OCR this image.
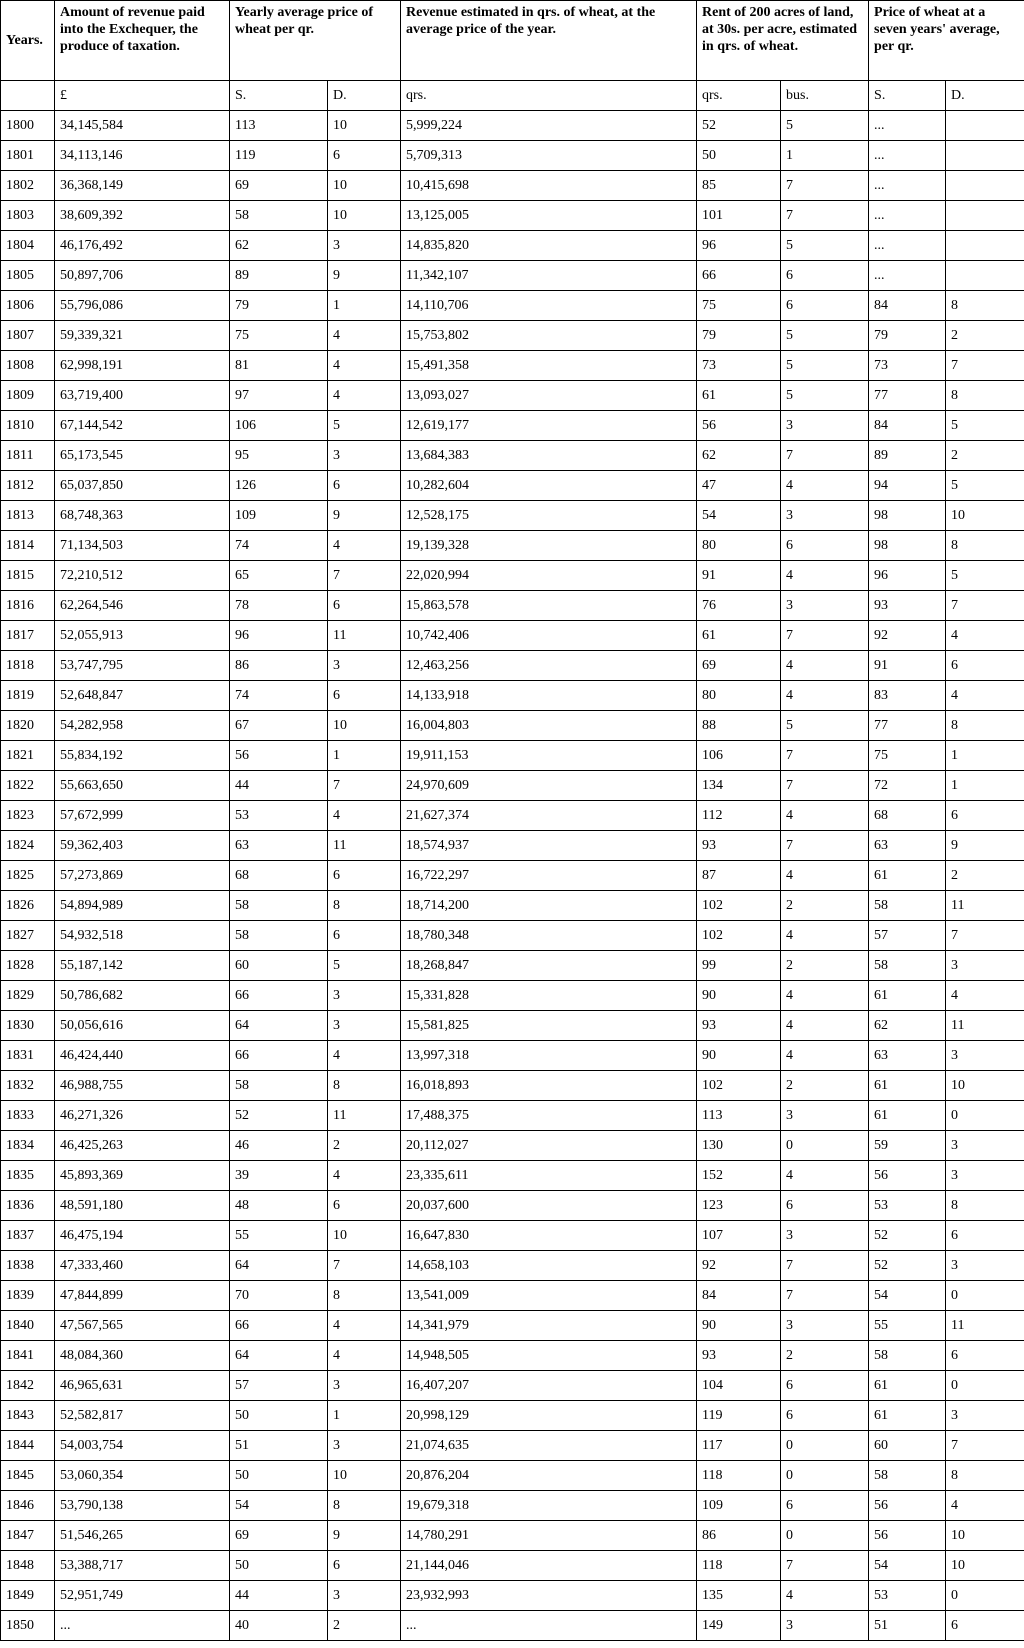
Years.	Amount of revenue paid into the Exchequer, the produce of taxation.	Yearly average price of wheat per qr.		Revenue estimated in qrs. of wheat, at the average price of the year.	Rent of 200 acres of land, at 30s. per acre, estimated in qrs. of wheat.		Price of wheat at a seven years' average, per qr.	
	£	S.	D.	qrs.	qrs.	bus.	S.	D.
1800	34,145,584	113	10	5,999,224	52	5	...	
1801	34,113,146	119	6	5,709,313	50	1	...	
1802	36,368,149	69	10	10,415,698	85	7	...	
1803	38,609,392	58	10	13,125,005	101	7	...	
1804	46,176,492	62	3	14,835,820	96	5	...	
1805	50,897,706	89	9	11,342,107	66	6	...	
1806	55,796,086	79	1	14,110,706	75	6	84	8
1807	59,339,321	75	4	15,753,802	79	5	79	2
1808	62,998,191	81	4	15,491,358	73	5	73	7
1809	63,719,400	97	4	13,093,027	61	5	77	8
1810	67,144,542	106	5	12,619,177	56	3	84	5
1811	65,173,545	95	3	13,684,383	62	7	89	2
1812	65,037,850	126	6	10,282,604	47	4	94	5
1813	68,748,363	109	9	12,528,175	54	3	98	10
1814	71,134,503	74	4	19,139,328	80	6	98	8
1815	72,210,512	65	7	22,020,994	91	4	96	5
1816	62,264,546	78	6	15,863,578	76	3	93	7
1817	52,055,913	96	11	10,742,406	61	7	92	4
1818	53,747,795	86	3	12,463,256	69	4	91	6
1819	52,648,847	74	6	14,133,918	80	4	83	4
1820	54,282,958	67	10	16,004,803	88	5	77	8
1821	55,834,192	56	1	19,911,153	106	7	75	1
1822	55,663,650	44	7	24,970,609	134	7	72	1
1823	57,672,999	53	4	21,627,374	112	4	68	6
1824	59,362,403	63	11	18,574,937	93	7	63	9
1825	57,273,869	68	6	16,722,297	87	4	61	2
1826	54,894,989	58	8	18,714,200	102	2	58	11
1827	54,932,518	58	6	18,780,348	102	4	57	7
1828	55,187,142	60	5	18,268,847	99	2	58	3
1829	50,786,682	66	3	15,331,828	90	4	61	4
1830	50,056,616	64	3	15,581,825	93	4	62	11
1831	46,424,440	66	4	13,997,318	90	4	63	3
1832	46,988,755	58	8	16,018,893	102	2	61	10
1833	46,271,326	52	11	17,488,375	113	3	61	0
1834	46,425,263	46	2	20,112,027	130	0	59	3
1835	45,893,369	39	4	23,335,611	152	4	56	3
1836	48,591,180	48	6	20,037,600	123	6	53	8
1837	46,475,194	55	10	16,647,830	107	3	52	6
1838	47,333,460	64	7	14,658,103	92	7	52	3
1839	47,844,899	70	8	13,541,009	84	7	54	0
1840	47,567,565	66	4	14,341,979	90	3	55	11
1841	48,084,360	64	4	14,948,505	93	2	58	6
1842	46,965,631	57	3	16,407,207	104	6	61	0
1843	52,582,817	50	1	20,998,129	119	6	61	3
1844	54,003,754	51	3	21,074,635	117	0	60	7
1845	53,060,354	50	10	20,876,204	118	0	58	8
1846	53,790,138	54	8	19,679,318	109	6	56	4
1847	51,546,265	69	9	14,780,291	86	0	56	10
1848	53,388,717	50	6	21,144,046	118	7	54	10
1849	52,951,749	44	3	23,932,993	135	4	53	0
1850	...	40	2	...	149	3	51	6
